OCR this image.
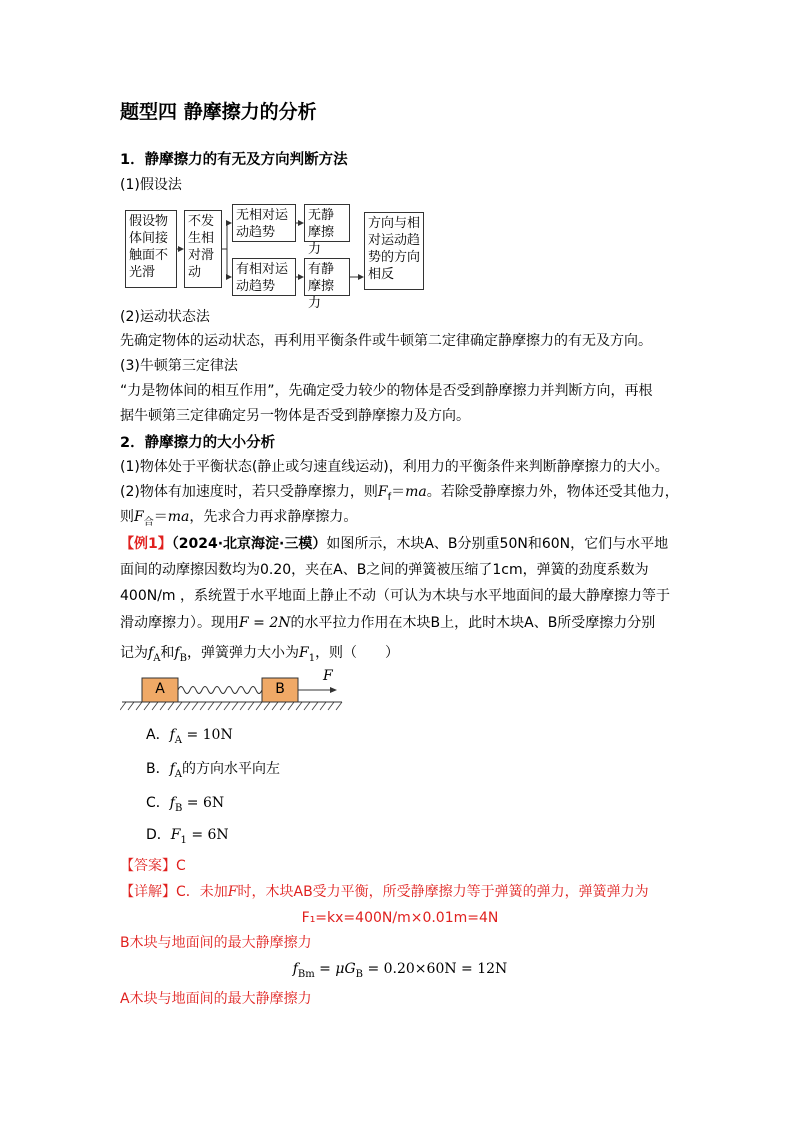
题型四 静摩擦力的分析
1．静摩擦力的有无及方向判断方法
(1)假设法
假设物体间接触面不光滑
不发生相对滑动
无相对运动趋势
无静摩擦力
有相对运动趋势
有静摩擦力
方向与相对运动趋势的方向相反
(2)运动状态法
先确定物体的运动状态，再利用平衡条件或牛顿第二定律确定静摩擦力的有无及方向。
(3)牛顿第三定律法
“力是物体间的相互作用”，先确定受力较少的物体是否受到静摩擦力并判断方向，再根
据牛顿第三定律确定另一物体是否受到静摩擦力及方向。
2．静摩擦力的大小分析
(1)物体处于平衡状态(静止或匀速直线运动)，利用力的平衡条件来判断静摩擦力的大小。
(2)物体有加速度时，若只受静摩擦力，则$F_f=ma$。若除受静摩擦力外，物体还受其他力，
则$F_合=ma$，先求合力再求静摩擦力。
【例1】（2024·北京海淀·三模）如图所示，木块A、B分别重50N和60N，它们与水平地
面间的动摩擦因数均为0.20，夹在A、B之间的弹簧被压缩了1cm，弹簧的劲度系数为
400N/m ，系统置于水平地面上静止不动（可认为木块与水平地面间的最大静摩擦力等于
滑动摩擦力）。现用F = 2N的水平拉力作用在木块B上，此时木块A、B所受摩擦力分别
记为$f_A$和$f_B$，弹簧弹力大小为$F_1$，则（　　）
A	B
F
A．$f_A = 10N$
B．$f_A$的方向水平向左
C．$f_B = 6N$
D．$F_1 = 6N$
【答案】C
【详解】C．未加F时，木块AB受力平衡，所受静摩擦力等于弹簧的弹力，弹簧弹力为
F₁=kx=400N/m×0.01m=4N
B木块与地面间的最大静摩擦力
$f_{Bm} = \mu G_B = 0.20\times 60N = 12N$
A木块与地面间的最大静摩擦力
